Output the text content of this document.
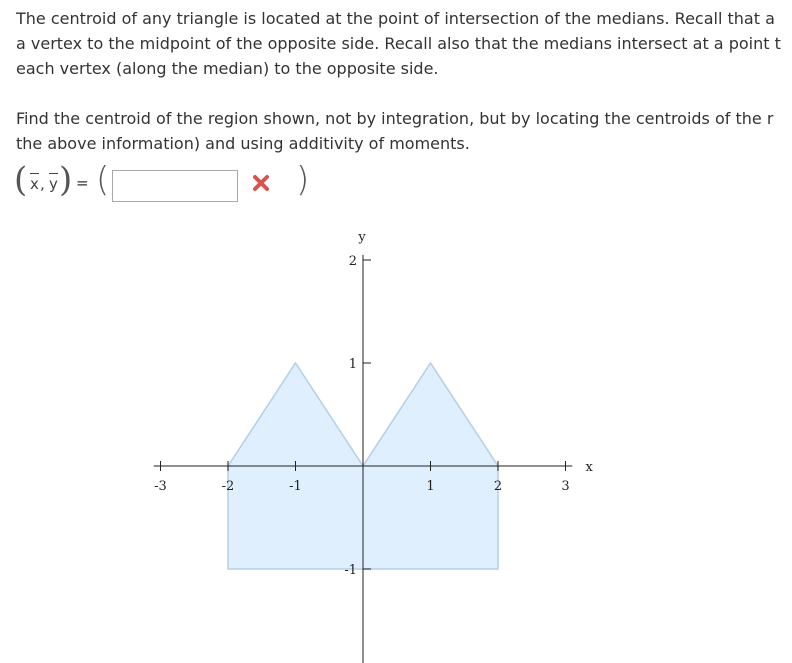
The centroid of any triangle is located at the point of intersection of the medians. Recall that a
a vertex to the midpoint of the opposite side. Recall also that the medians intersect at a point t
each vertex (along the median) to the opposite side.
Find the centroid of the region shown, not by integration, but by locating the centroids of the r
the above information) and using additivity of moments.
( x , y ) = (	)
-3	-2	-1	1	2	3
2
1
-1
x
y
